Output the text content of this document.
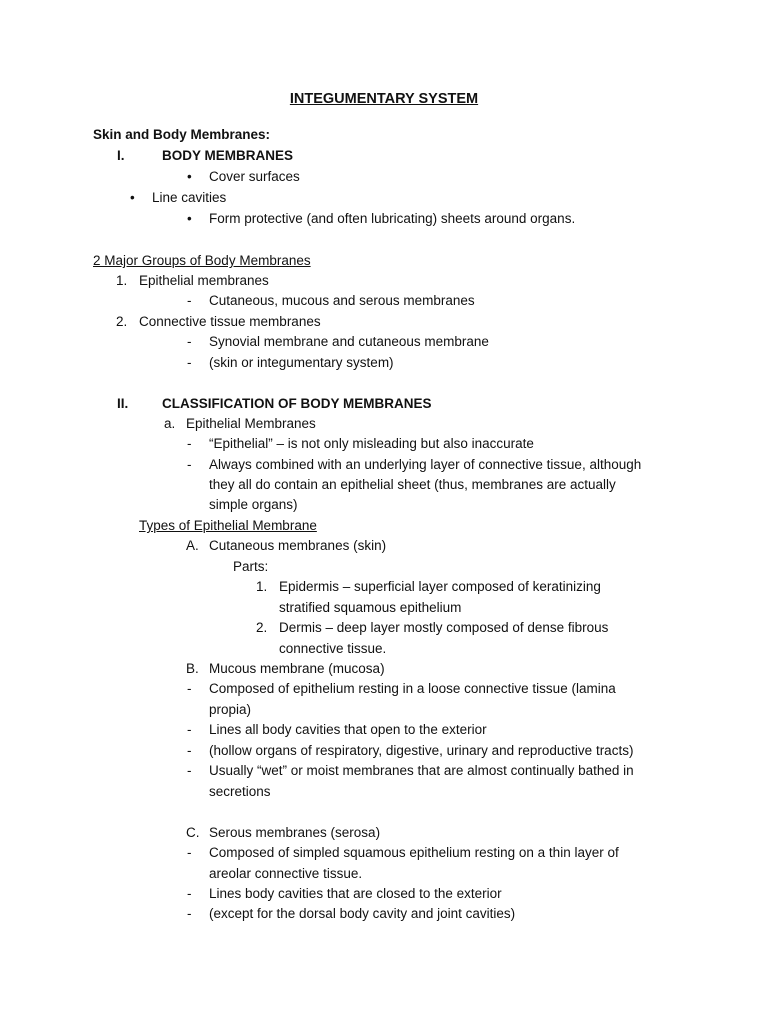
INTEGUMENTARY SYSTEM
Skin and Body Membranes:
I.	BODY MEMBRANES
• Cover surfaces
• Line cavities
• Form protective (and often lubricating) sheets around organs.
2 Major Groups of Body Membranes
1. Epithelial membranes
- Cutaneous, mucous and serous membranes
2. Connective tissue membranes
- Synovial membrane and cutaneous membrane
- (skin or integumentary system)
II. CLASSIFICATION OF BODY MEMBRANES
a. Epithelial Membranes
- “Epithelial” – is not only misleading but also inaccurate
- Always combined with an underlying layer of connective tissue, although
they all do contain an epithelial sheet (thus, membranes are actually
simple organs)
Types of Epithelial Membrane
A. Cutaneous membranes (skin)
Parts:
1. Epidermis – superficial layer composed of keratinizing
stratified squamous epithelium
2. Dermis – deep layer mostly composed of dense fibrous
connective tissue.
B. Mucous membrane (mucosa)
- Composed of epithelium resting in a loose connective tissue (lamina
propia)
- Lines all body cavities that open to the exterior
- (hollow organs of respiratory, digestive, urinary and reproductive tracts)
- Usually “wet” or moist membranes that are almost continually bathed in
secretions
C. Serous membranes (serosa)
- Composed of simpled squamous epithelium resting on a thin layer of
areolar connective tissue.
- Lines body cavities that are closed to the exterior
- (except for the dorsal body cavity and joint cavities)
